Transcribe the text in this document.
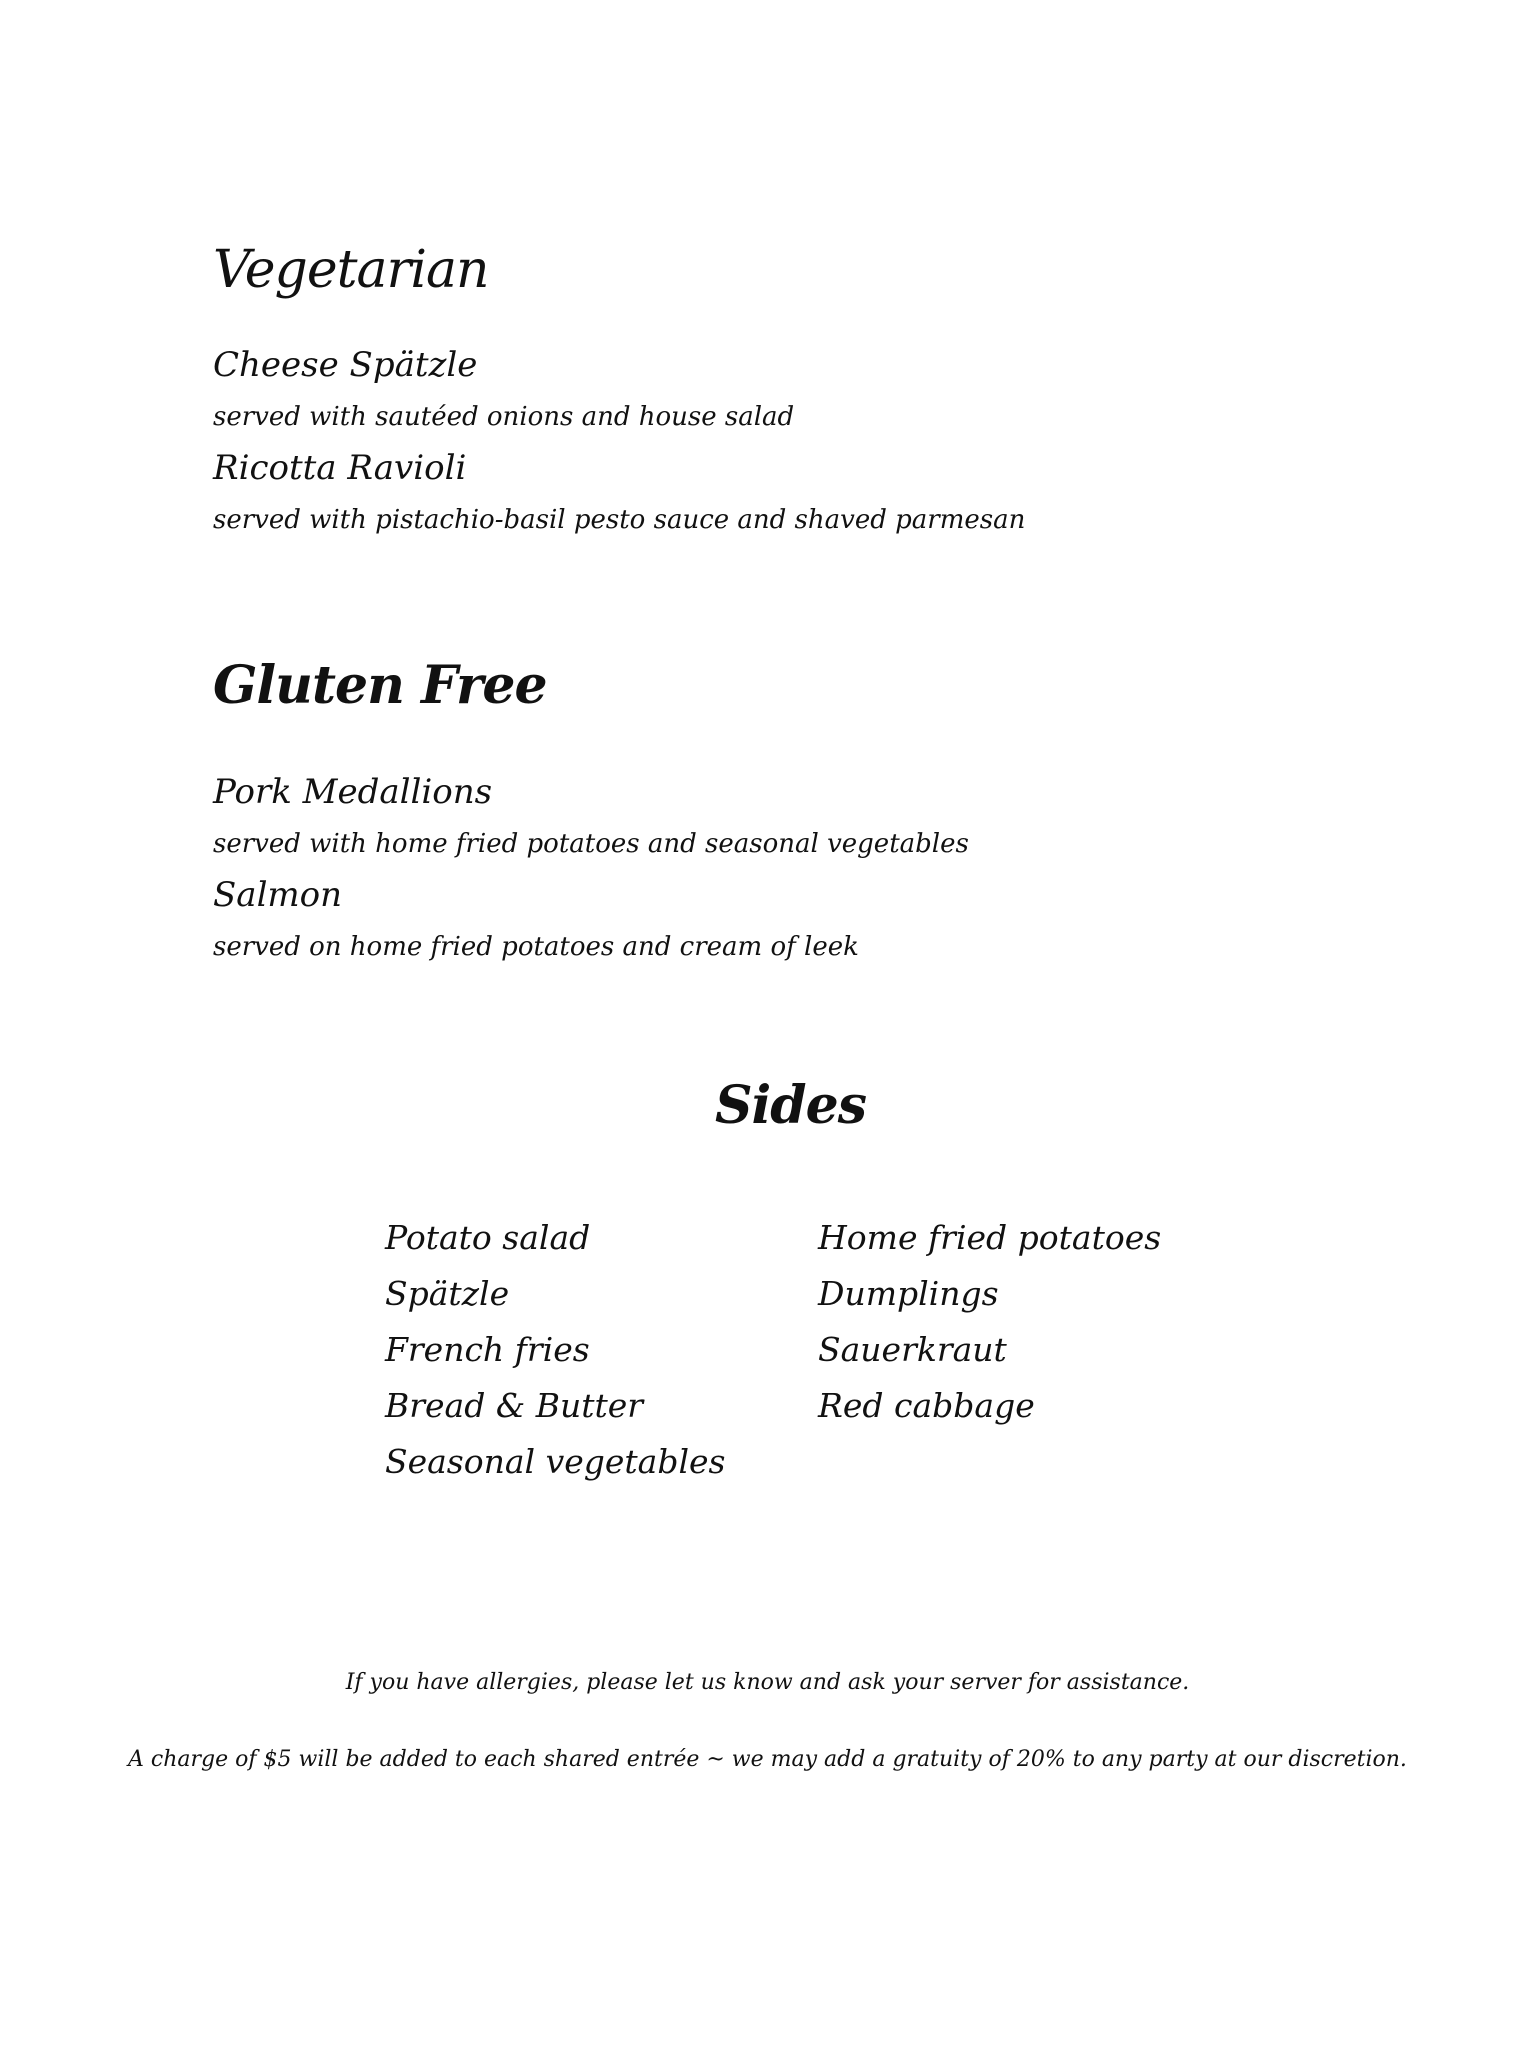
Vegetarian
Cheese Spätzle
served with sautéed onions and house salad
Ricotta Ravioli
served with pistachio-basil pesto sauce and shaved parmesan
Gluten Free
Pork Medallions
served with home fried potatoes and seasonal vegetables
Salmon
served on home fried potatoes and cream of leek
Sides
Potato salad
Spätzle
French fries
Bread & Butter
Seasonal vegetables
Home fried potatoes
Dumplings
Sauerkraut
Red cabbage

If you have allergies, please let us know and ask your server for assistance.

A charge of $5 will be added to each shared entrée ~ we may add a gratuity of 20% to any party at our discretion.
